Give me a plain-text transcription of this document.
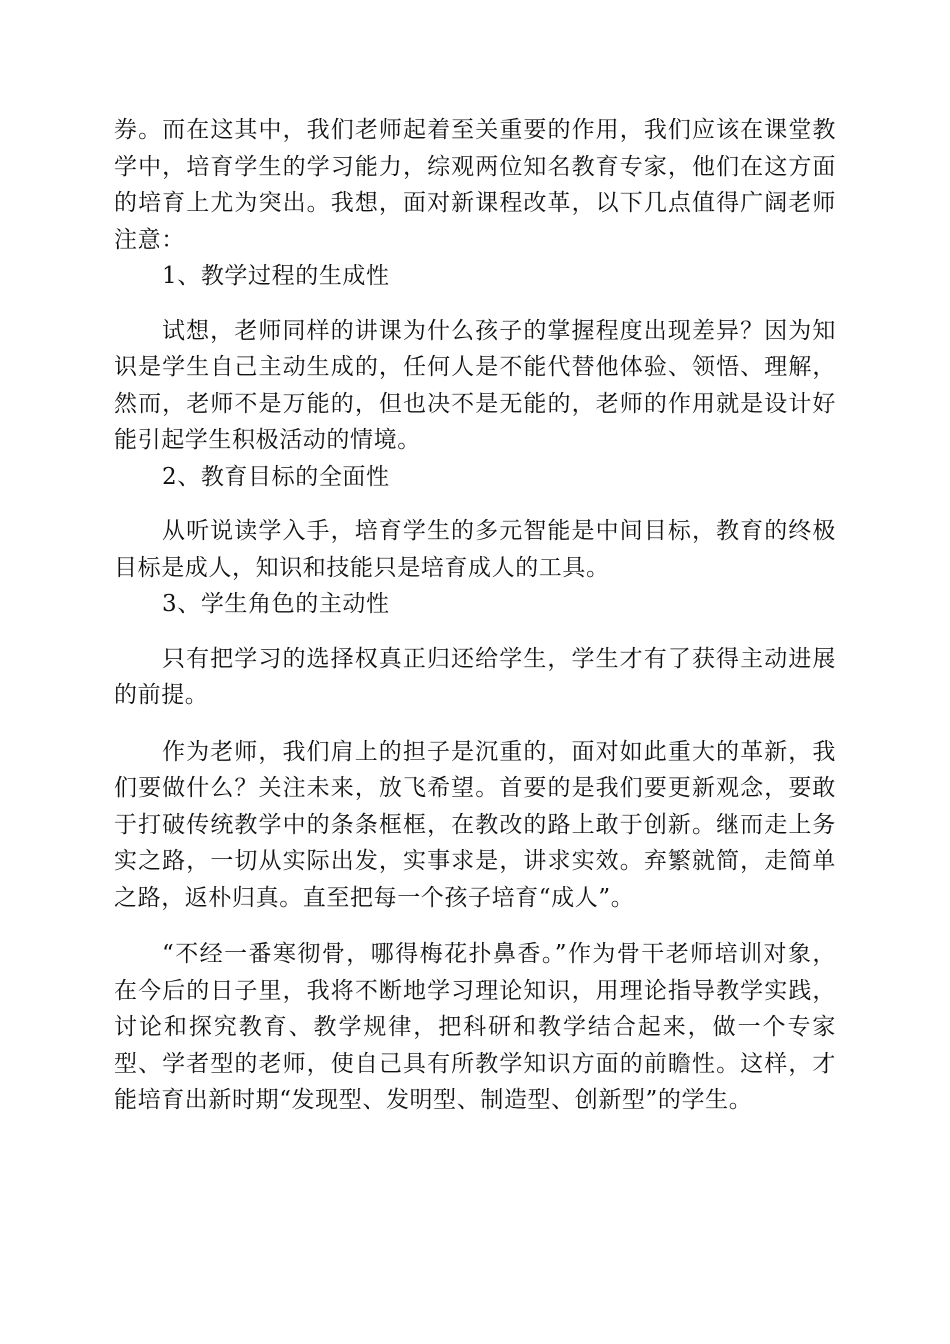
券。而在这其中，我们老师起着至关重要的作用，我们应该在课堂教学中，培育学生的学习能力，综观两位知名教育专家，他们在这方面的培育上尤为突出。我想，面对新课程改革，以下几点值得广阔老师注意：

1、教学过程的生成性

试想，老师同样的讲课为什么孩子的掌握程度出现差异？因为知识是学生自己主动生成的，任何人是不能代替他体验、领悟、理解，然而，老师不是万能的，但也决不是无能的，老师的作用就是设计好能引起学生积极活动的情境。

2、教育目标的全面性

从听说读学入手，培育学生的多元智能是中间目标，教育的终极目标是成人，知识和技能只是培育成人的工具。

3、学生角色的主动性

只有把学习的选择权真正归还给学生，学生才有了获得主动进展的前提。

作为老师，我们肩上的担子是沉重的，面对如此重大的革新，我们要做什么？关注未来，放飞希望。首要的是我们要更新观念，要敢于打破传统教学中的条条框框，在教改的路上敢于创新。继而走上务实之路，一切从实际出发，实事求是，讲求实效。弃繁就简，走简单之路，返朴归真。直至把每一个孩子培育“成人”。

“不经一番寒彻骨，哪得梅花扑鼻香。”作为骨干老师培训对象，在今后的日子里，我将不断地学习理论知识，用理论指导教学实践，讨论和探究教育、教学规律，把科研和教学结合起来，做一个专家型、学者型的老师，使自己具有所教学知识方面的前瞻性。这样，才能培育出新时期“发现型、发明型、制造型、创新型”的学生。
